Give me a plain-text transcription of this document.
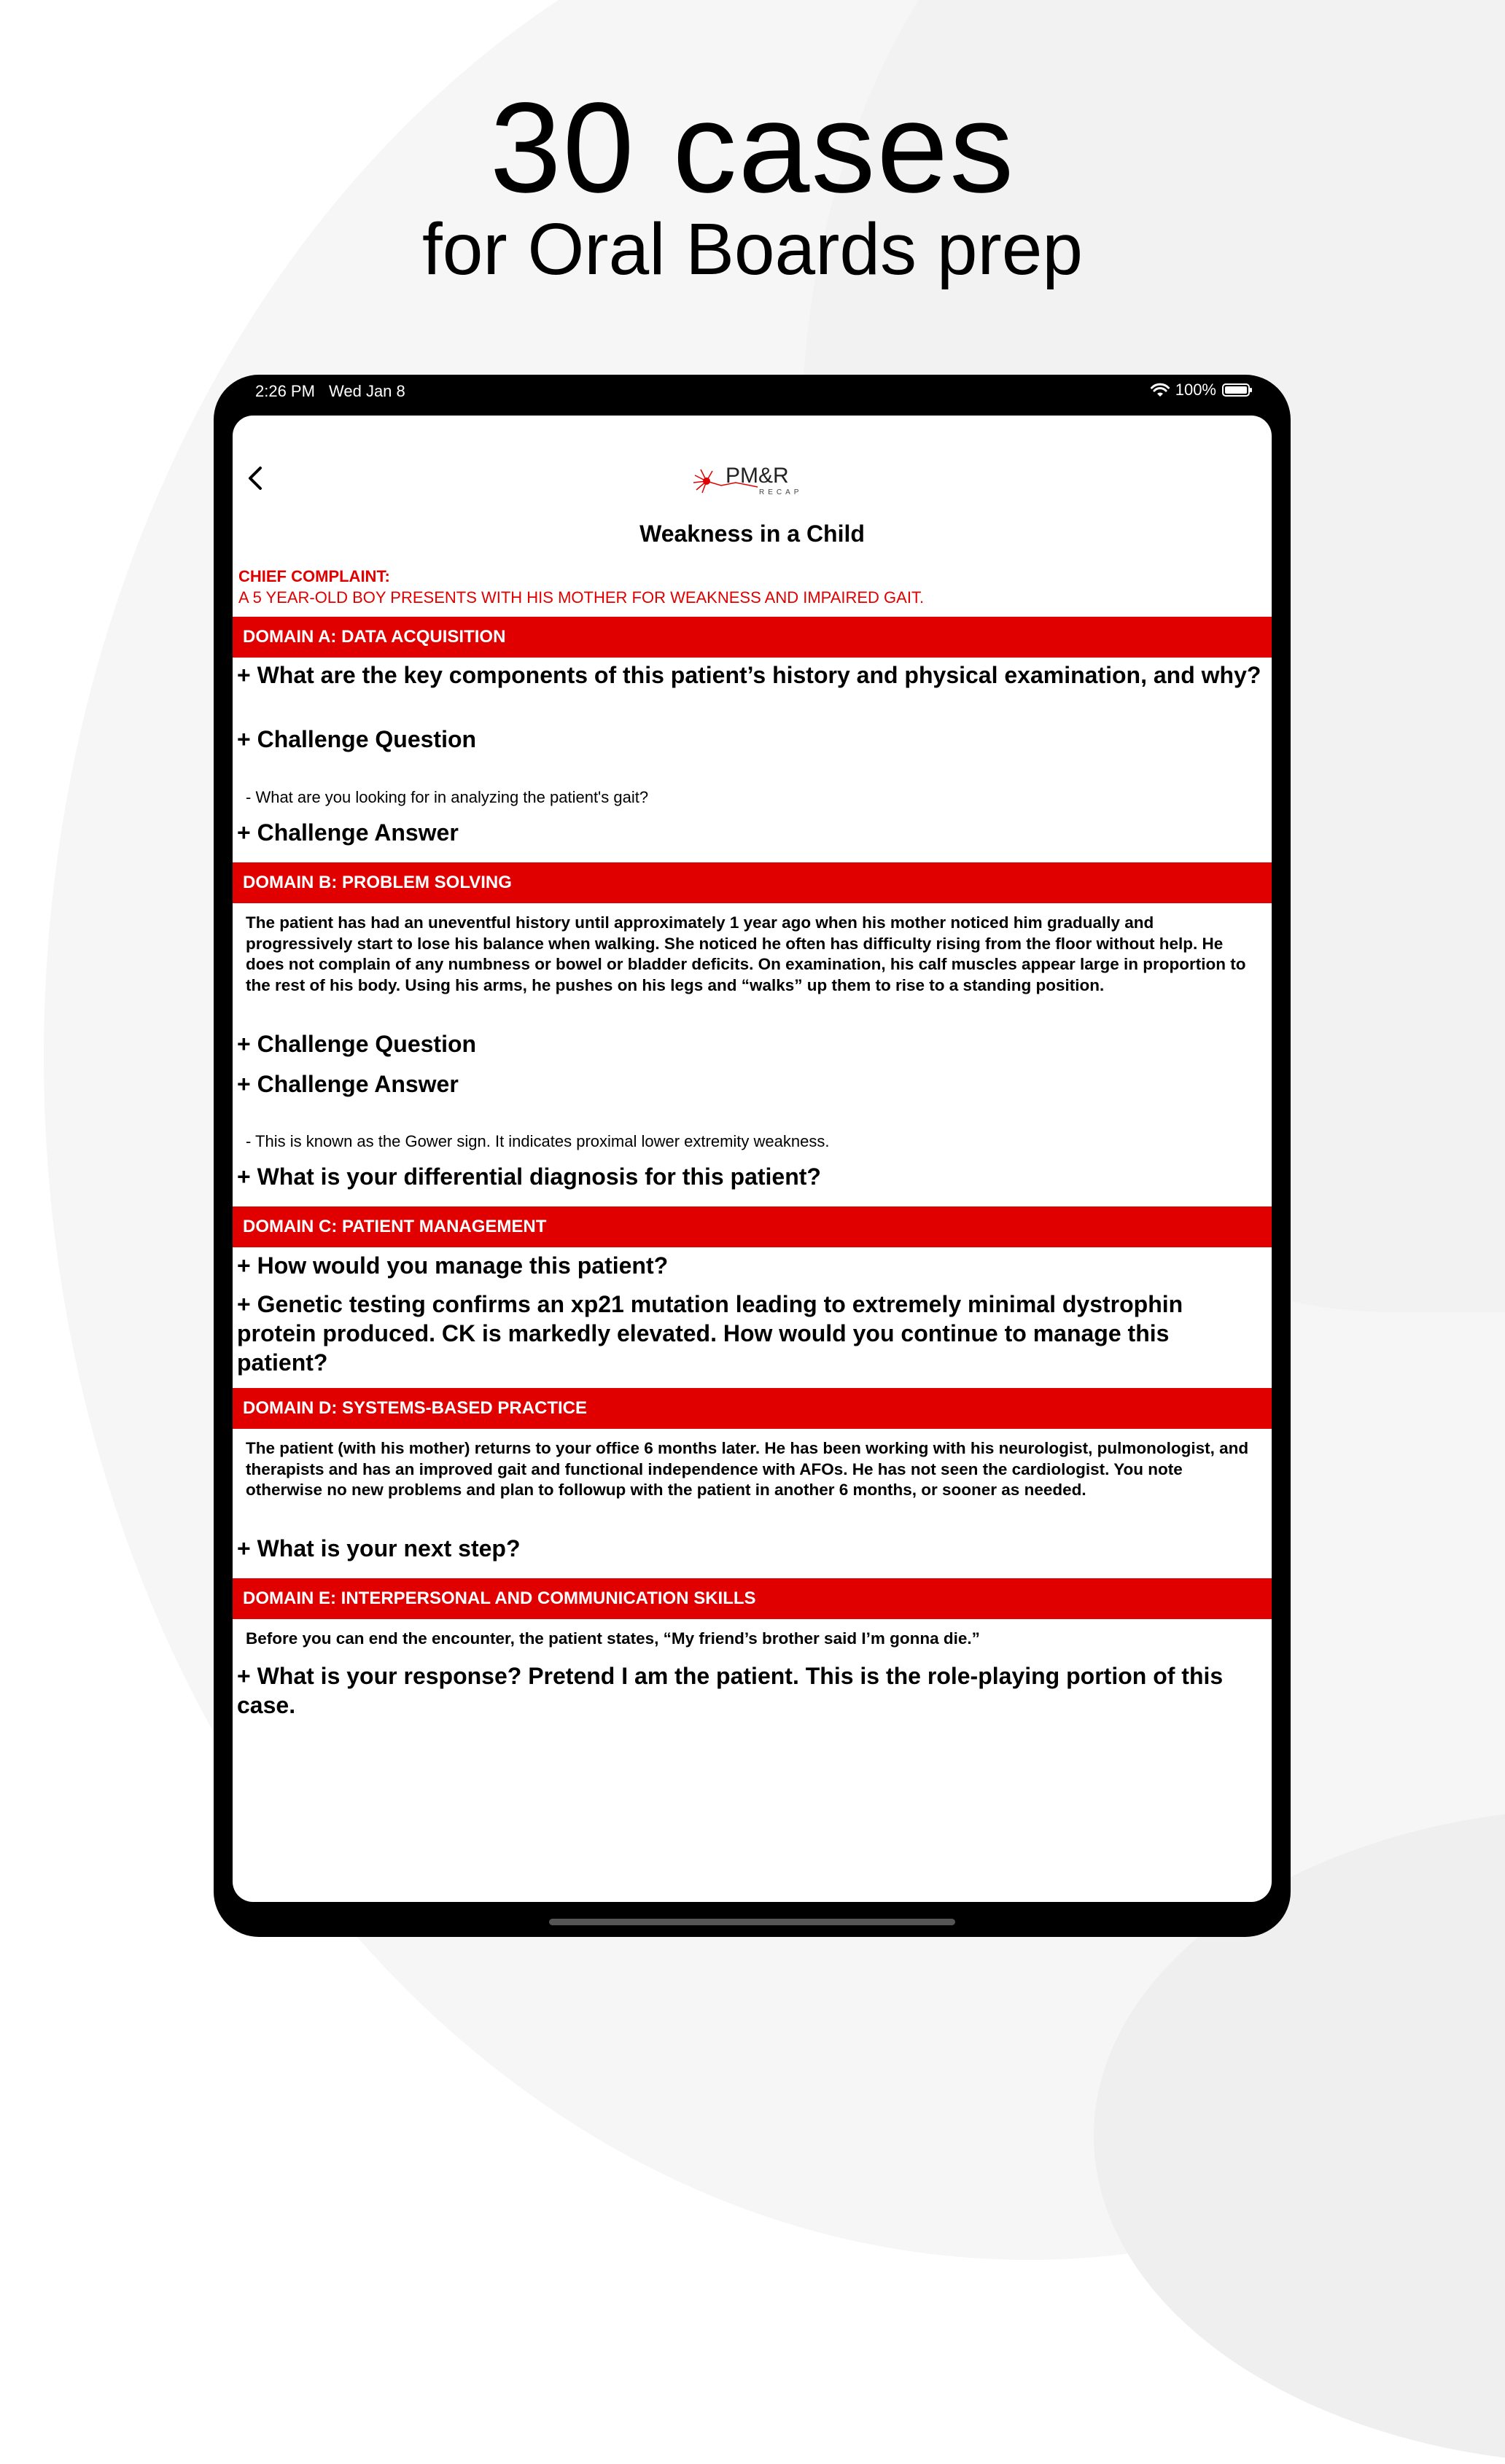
30 cases
for Oral Boards prep
2:26 PM Wed Jan 8	100%
PM&R
RECAP
Weakness in a Child
CHIEF COMPLAINT:
A 5 YEAR-OLD BOY PRESENTS WITH HIS MOTHER FOR WEAKNESS AND IMPAIRED GAIT.
DOMAIN A: DATA ACQUISITION
+ What are the key components of this patient’s history and physical examination, and why?
+ Challenge Question
- What are you looking for in analyzing the patient's gait?
+ Challenge Answer
DOMAIN B: PROBLEM SOLVING
The patient has had an uneventful history until approximately 1 year ago when his mother noticed him gradually and progressively start to lose his balance when walking. She noticed he often has difficulty rising from the floor without help. He does not complain of any numbness or bowel or bladder deficits. On examination, his calf muscles appear large in proportion to the rest of his body. Using his arms, he pushes on his legs and “walks” up them to rise to a standing position.
+ Challenge Question
+ Challenge Answer
- This is known as the Gower sign. It indicates proximal lower extremity weakness.
+ What is your differential diagnosis for this patient?
DOMAIN C: PATIENT MANAGEMENT
+ How would you manage this patient?
+ Genetic testing confirms an xp21 mutation leading to extremely minimal dystrophin protein produced. CK is markedly elevated. How would you continue to manage this patient?
DOMAIN D: SYSTEMS-BASED PRACTICE
The patient (with his mother) returns to your office 6 months later. He has been working with his neurologist, pulmonologist, and therapists and has an improved gait and functional independence with AFOs. He has not seen the cardiologist. You note otherwise no new problems and plan to followup with the patient in another 6 months, or sooner as needed.
+ What is your next step?
DOMAIN E: INTERPERSONAL AND COMMUNICATION SKILLS
Before you can end the encounter, the patient states, “My friend’s brother said I’m gonna die.”
+ What is your response? Pretend I am the patient. This is the role-playing portion of this case.
